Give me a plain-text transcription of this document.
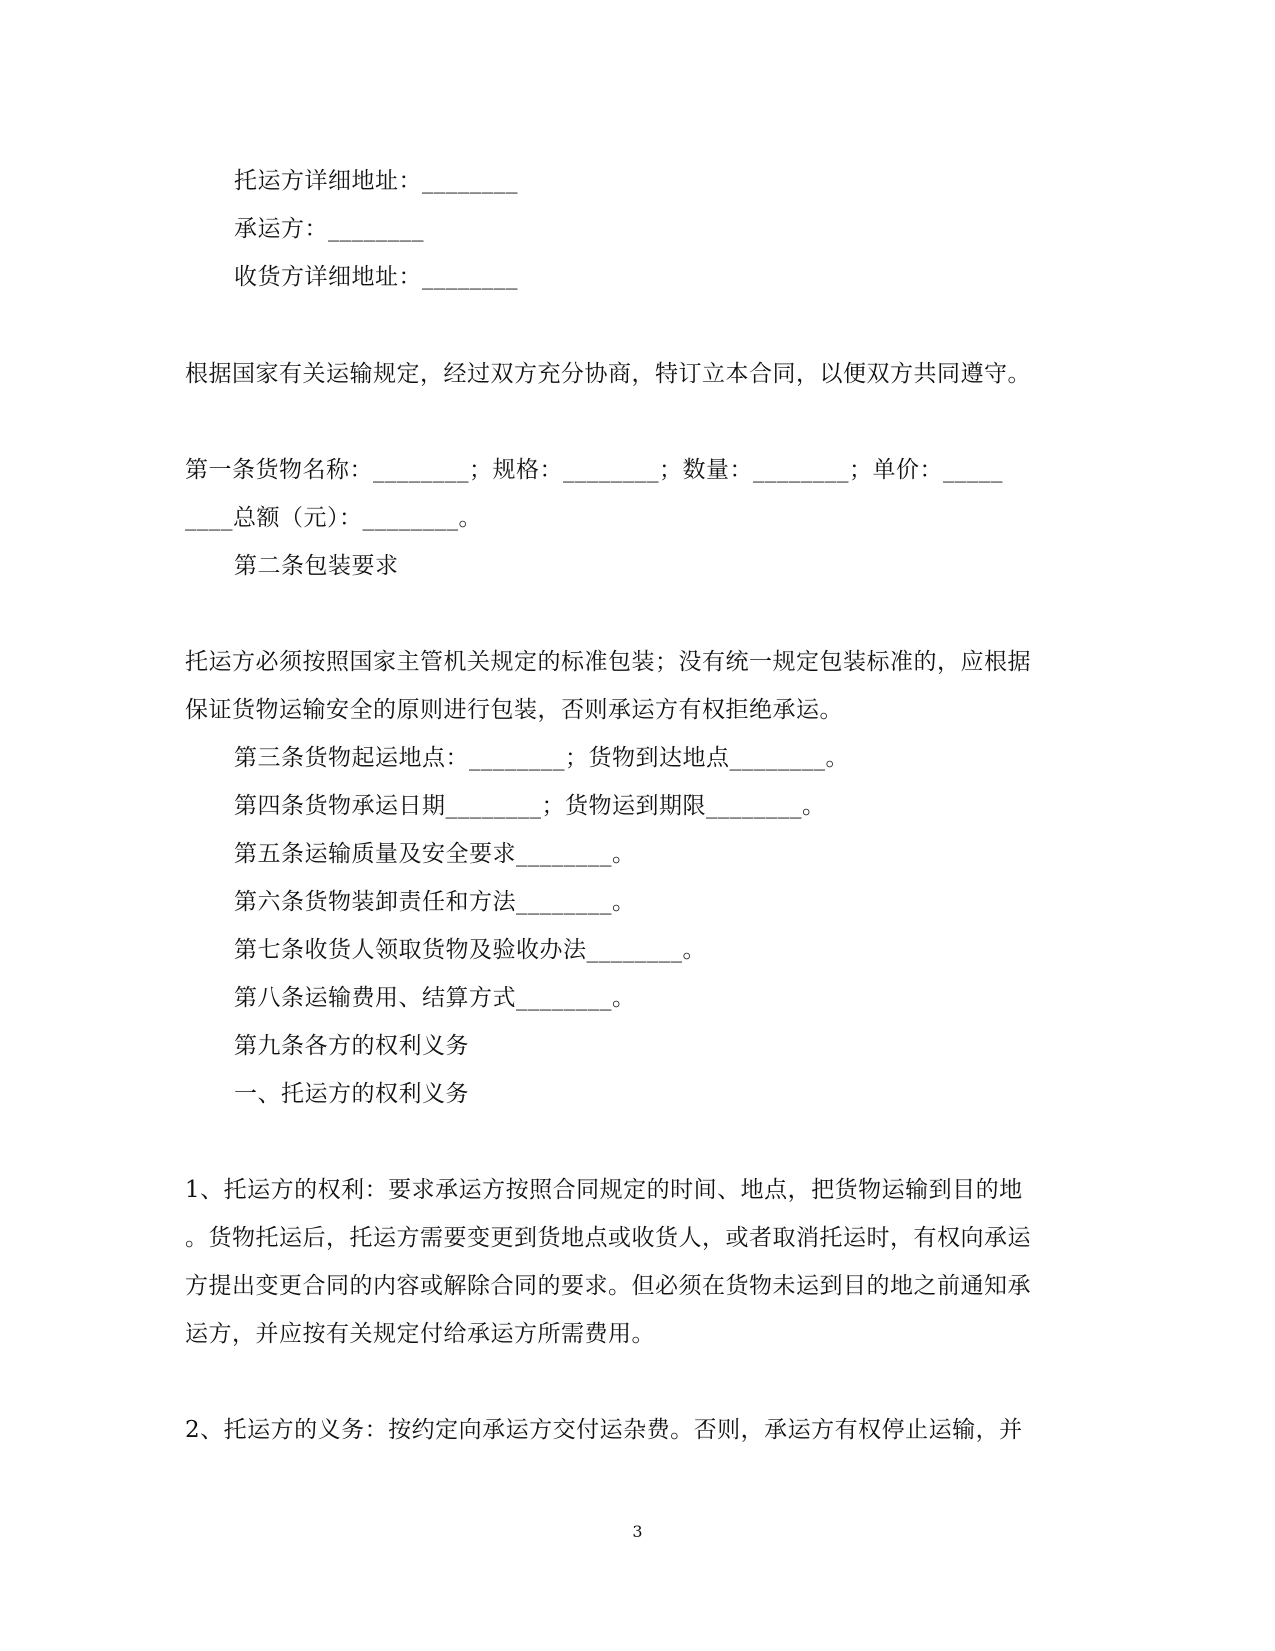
托运方详细地址：________
承运方：________
收货方详细地址：________
根据国家有关运输规定，经过双方充分协商，特订立本合同，以便双方共同遵守。
第一条货物名称：________；规格：________；数量：________；单价：_____
____总额（元）：________。
第二条包装要求
托运方必须按照国家主管机关规定的标准包装；没有统一规定包装标准的，应根据
保证货物运输安全的原则进行包装，否则承运方有权拒绝承运。
第三条货物起运地点：________；货物到达地点________。
第四条货物承运日期________；货物运到期限________。
第五条运输质量及安全要求________。
第六条货物装卸责任和方法________。
第七条收货人领取货物及验收办法________。
第八条运输费用、结算方式________。
第九条各方的权利义务
一、托运方的权利义务
1、托运方的权利：要求承运方按照合同规定的时间、地点，把货物运输到目的地
。货物托运后，托运方需要变更到货地点或收货人，或者取消托运时，有权向承运
方提出变更合同的内容或解除合同的要求。但必须在货物未运到目的地之前通知承
运方，并应按有关规定付给承运方所需费用。
2、托运方的义务：按约定向承运方交付运杂费。否则，承运方有权停止运输，并
3
